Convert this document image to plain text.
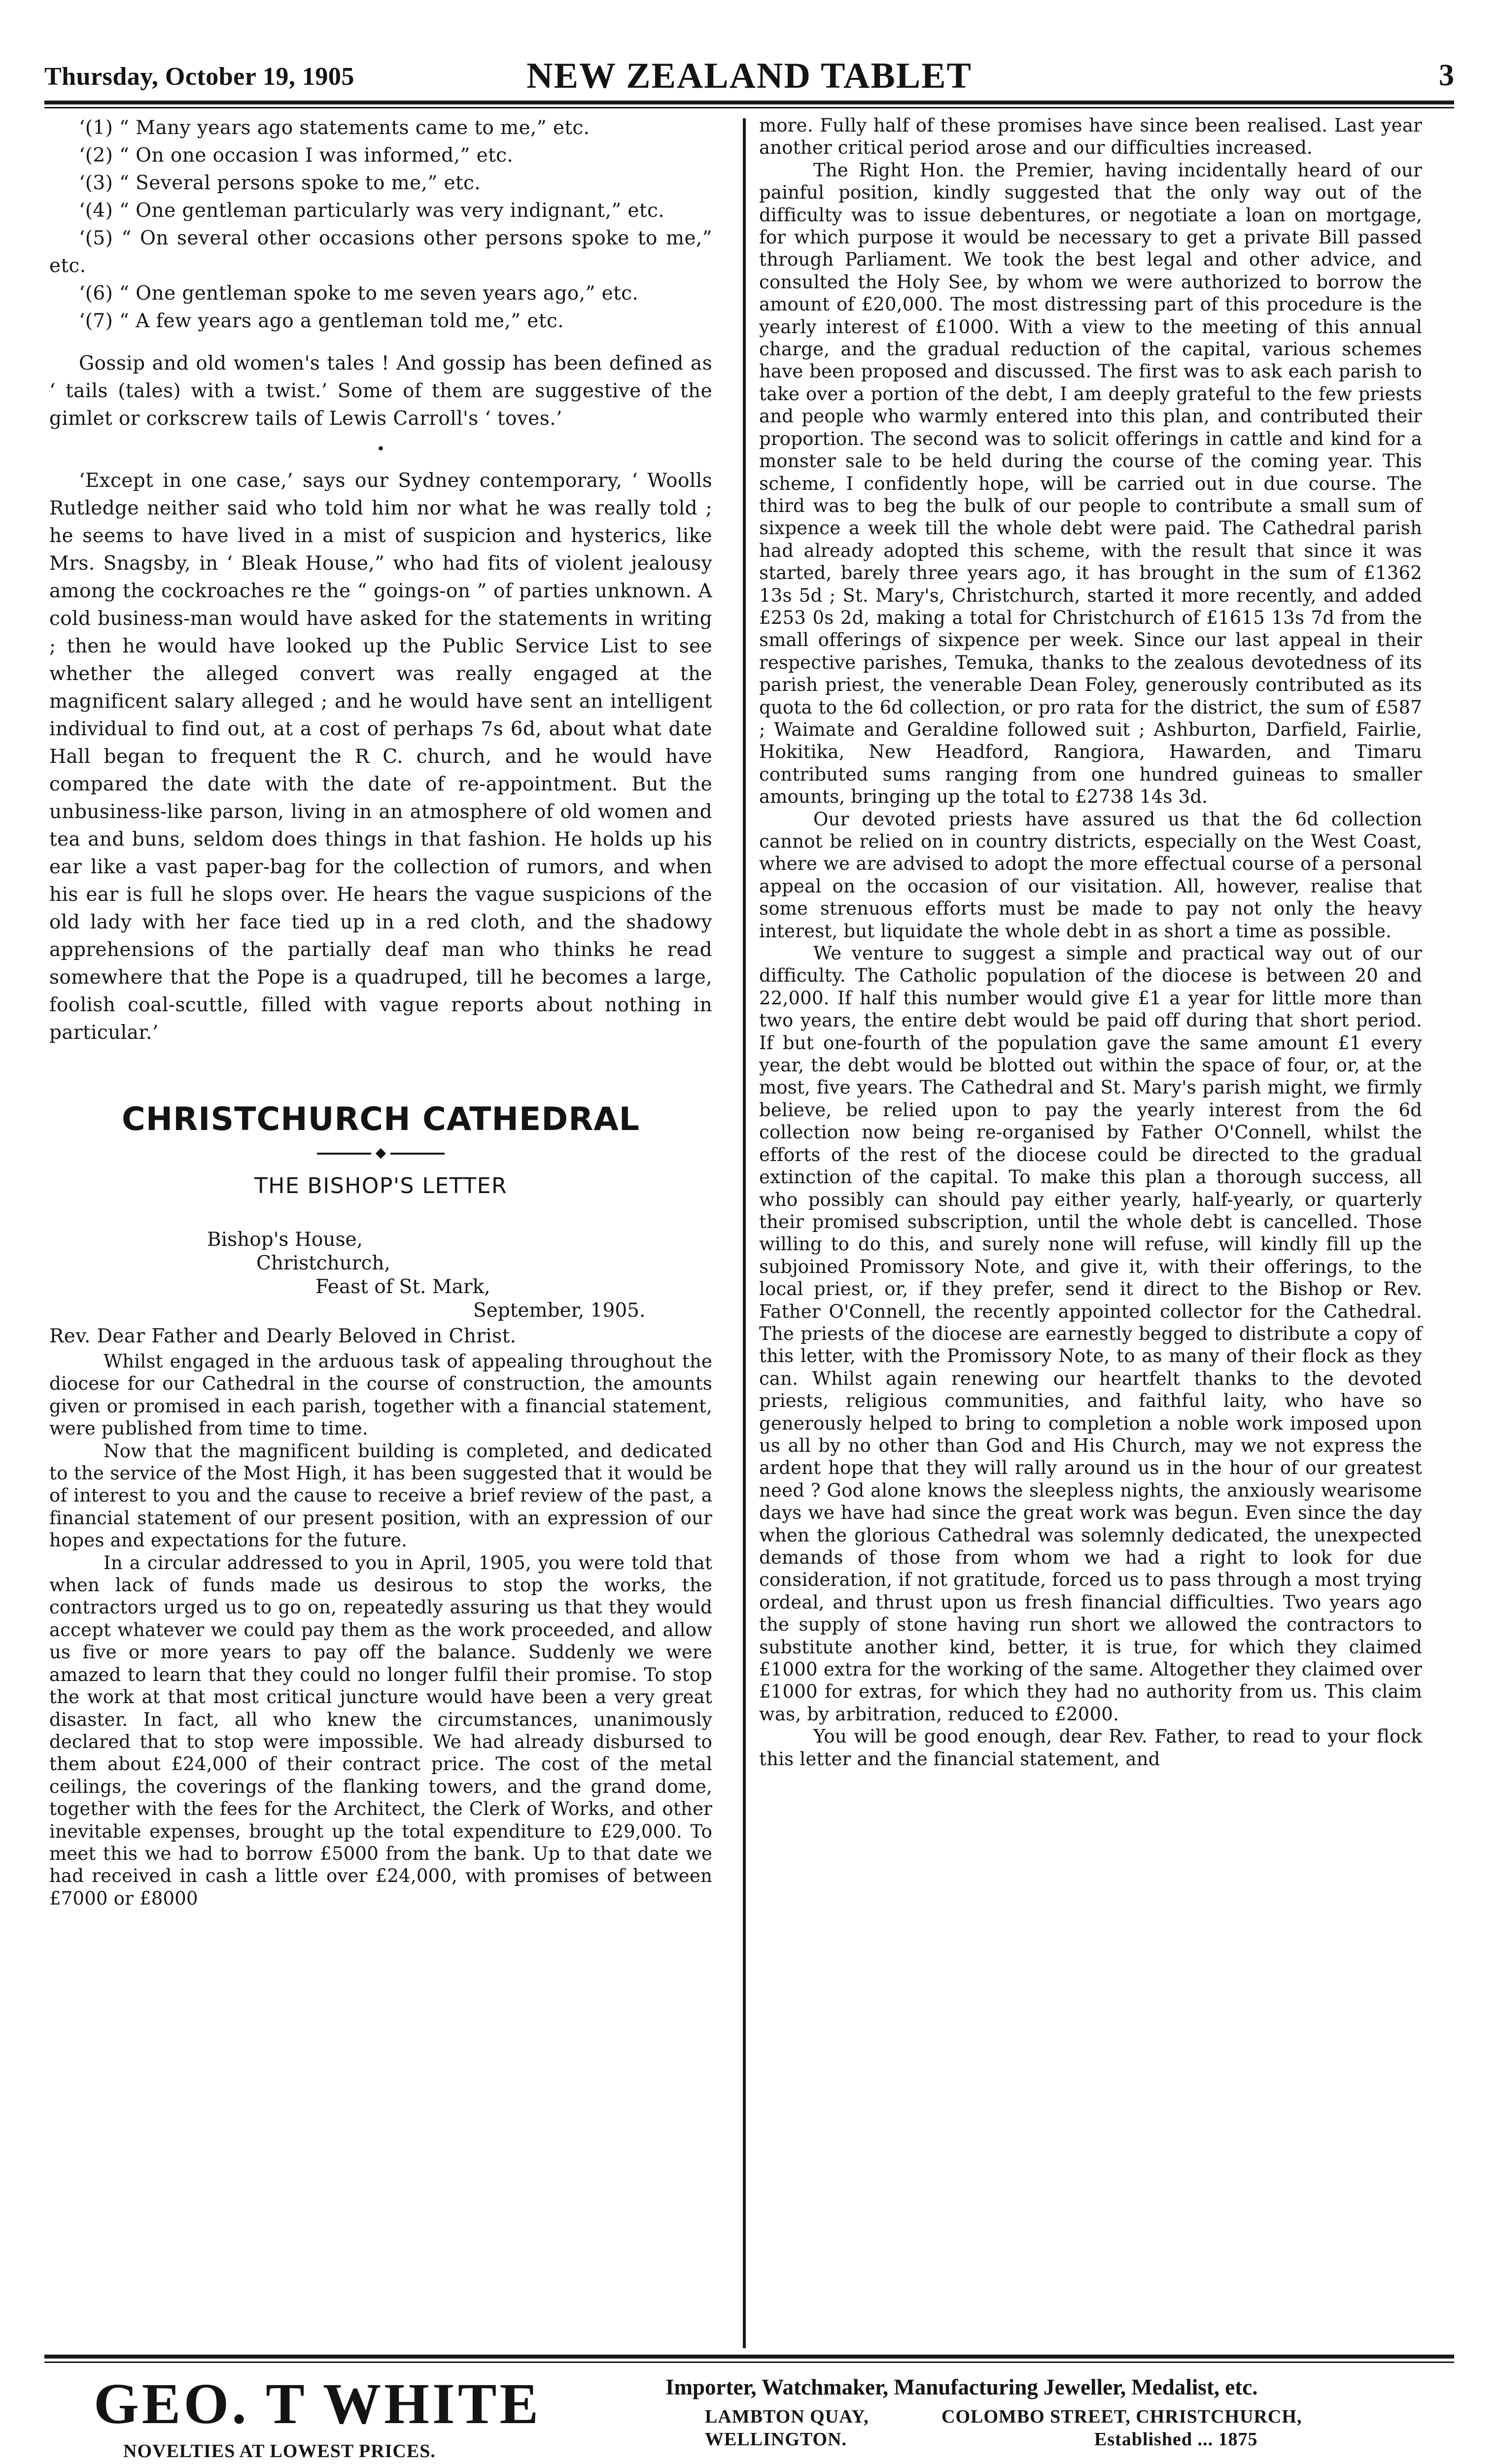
Thursday, October 19, 1905	NEW ZEALAND TABLET	3

‘(1) “ Many years ago statements came to me,” etc.

‘(2) “ On one occasion I was informed,” etc.

‘(3) “ Several persons spoke to me,” etc.

‘(4) “ One gentleman particularly was very indignant,” etc.

‘(5) “ On several other occasions other persons spoke to me,” etc.

‘(6) “ One gentleman spoke to me seven years ago,” etc.

‘(7) “ A few years ago a gentleman told me,” etc.

Gossip and old women's tales ! And gossip has been defined as ‘ tails (tales) with a twist.’ Some of them are suggestive of the gimlet or corkscrew tails of Lewis Carroll's ‘ toves.’

•

‘Except in one case,’ says our Sydney contemporary, ‘ Woolls Rutledge neither said who told him nor what he was really told ; he seems to have lived in a mist of suspicion and hysterics, like Mrs. Snagsby, in ‘ Bleak House,” who had fits of violent jealousy among the cockroaches re the “ goings-on ” of parties unknown. A cold business-man would have asked for the statements in writing ; then he would have looked up the Public Service List to see whether the alleged convert was really engaged at the magnificent salary alleged ; and he would have sent an intelligent individual to find out, at a cost of perhaps 7s 6d, about what date Hall began to frequent the R C. church, and he would have compared the date with the date of re-appointment. But the unbusiness-like parson, living in an atmosphere of old women and tea and buns, seldom does things in that fashion. He holds up his ear like a vast paper-bag for the collection of rumors, and when his ear is full he slops over. He hears the vague suspicions of the old lady with her face tied up in a red cloth, and the shadowy apprehensions of the partially deaf man who thinks he read somewhere that the Pope is a quadruped, till he becomes a large, foolish coal-scuttle, filled with vague reports about nothing in particular.’

CHRISTCHURCH CATHEDRAL
◆
THE BISHOP'S LETTER
Bishop's House,
Christchurch,
Feast of St. Mark,
September, 1905.

Rev. Dear Father and Dearly Beloved in Christ.

Whilst engaged in the arduous task of appealing throughout the diocese for our Cathedral in the course of construction, the amounts given or promised in each parish, together with a financial statement, were published from time to time.

Now that the magnificent building is completed, and dedicated to the service of the Most High, it has been suggested that it would be of interest to you and the cause to receive a brief review of the past, a financial statement of our present position, with an expression of our hopes and expectations for the future.

In a circular addressed to you in April, 1905, you were told that when lack of funds made us desirous to stop the works, the contractors urged us to go on, repeatedly assuring us that they would accept whatever we could pay them as the work proceeded, and allow us five or more years to pay off the balance. Suddenly we were amazed to learn that they could no longer fulfil their promise. To stop the work at that most critical juncture would have been a very great disaster. In fact, all who knew the circumstances, unanimously declared that to stop were impossible. We had already disbursed to them about £24,000 of their contract price. The cost of the metal ceilings, the coverings of the flanking towers, and the grand dome, together with the fees for the Architect, the Clerk of Works, and other inevitable expenses, brought up the total expenditure to £29,000. To meet this we had to borrow £5000 from the bank. Up to that date we had received in cash a little over £24,000, with promises of between £7000 or £8000

more. Fully half of these promises have since been realised. Last year another critical period arose and our difficulties increased.

The Right Hon. the Premier, having incidentally heard of our painful position, kindly suggested that the only way out of the difficulty was to issue debentures, or negotiate a loan on mortgage, for which purpose it would be necessary to get a private Bill passed through Parliament. We took the best legal and other advice, and consulted the Holy See, by whom we were authorized to borrow the amount of £20,000. The most distressing part of this procedure is the yearly interest of £1000. With a view to the meeting of this annual charge, and the gradual reduction of the capital, various schemes have been proposed and discussed. The first was to ask each parish to take over a portion of the debt, I am deeply grateful to the few priests and people who warmly entered into this plan, and contributed their proportion. The second was to solicit offerings in cattle and kind for a monster sale to be held during the course of the coming year. This scheme, I confidently hope, will be carried out in due course. The third was to beg the bulk of our people to contribute a small sum of sixpence a week till the whole debt were paid. The Cathedral parish had already adopted this scheme, with the result that since it was started, barely three years ago, it has brought in the sum of £1362 13s 5d ; St. Mary's, Christchurch, started it more recently, and added £253 0s 2d, making a total for Christchurch of £1615 13s 7d from the small offerings of sixpence per week. Since our last appeal in their respective parishes, Temuka, thanks to the zealous devotedness of its parish priest, the venerable Dean Foley, generously contributed as its quota to the 6d collection, or pro rata for the district, the sum of £587 ; Waimate and Geraldine followed suit ; Ashburton, Darfield, Fairlie, Hokitika, New Headford, Rangiora, Hawarden, and Timaru contributed sums ranging from one hundred guineas to smaller amounts, bringing up the total to £2738 14s 3d.

Our devoted priests have assured us that the 6d collection cannot be relied on in country districts, especially on the West Coast, where we are advised to adopt the more effectual course of a personal appeal on the occasion of our visitation. All, however, realise that some strenuous efforts must be made to pay not only the heavy interest, but liquidate the whole debt in as short a time as possible.

We venture to suggest a simple and practical way out of our difficulty. The Catholic population of the diocese is between 20 and 22,000. If half this number would give £1 a year for little more than two years, the entire debt would be paid off during that short period. If but one-fourth of the population gave the same amount £1 every year, the debt would be blotted out within the space of four, or, at the most, five years. The Cathedral and St. Mary's parish might, we firmly believe, be relied upon to pay the yearly interest from the 6d collection now being re-organised by Father O'Connell, whilst the efforts of the rest of the diocese could be directed to the gradual extinction of the capital. To make this plan a thorough success, all who possibly can should pay either yearly, half-yearly, or quarterly their promised subscription, until the whole debt is cancelled. Those willing to do this, and surely none will refuse, will kindly fill up the subjoined Promissory Note, and give it, with their offerings, to the local priest, or, if they prefer, send it direct to the Bishop or Rev. Father O'Connell, the recently appointed collector for the Cathedral. The priests of the diocese are earnestly begged to distribute a copy of this letter, with the Promissory Note, to as many of their flock as they can. Whilst again renewing our heartfelt thanks to the devoted priests, religious communities, and faithful laity, who have so generously helped to bring to completion a noble work imposed upon us all by no other than God and His Church, may we not express the ardent hope that they will rally around us in the hour of our greatest need ? God alone knows the sleepless nights, the anxiously wearisome days we have had since the great work was begun. Even since the day when the glorious Cathedral was solemnly dedicated, the unexpected demands of those from whom we had a right to look for due consideration, if not gratitude, forced us to pass through a most trying ordeal, and thrust upon us fresh financial difficulties. Two years ago the supply of stone having run short we allowed the contractors to substitute another kind, better, it is true, for which they claimed £1000 extra for the working of the same. Altogether they claimed over £1000 for extras, for which they had no authority from us. This claim was, by arbitration, reduced to £2000.

You will be good enough, dear Rev. Father, to read to your flock this letter and the financial statement, and

GEO. T WHITE
NOVELTIES AT LOWEST PRICES.
Importer, Watchmaker, Manufacturing Jeweller, Medalist, etc.
LAMBTON QUAY,
WELLINGTON.
COLOMBO STREET, CHRISTCHURCH,
Established ... 1875
